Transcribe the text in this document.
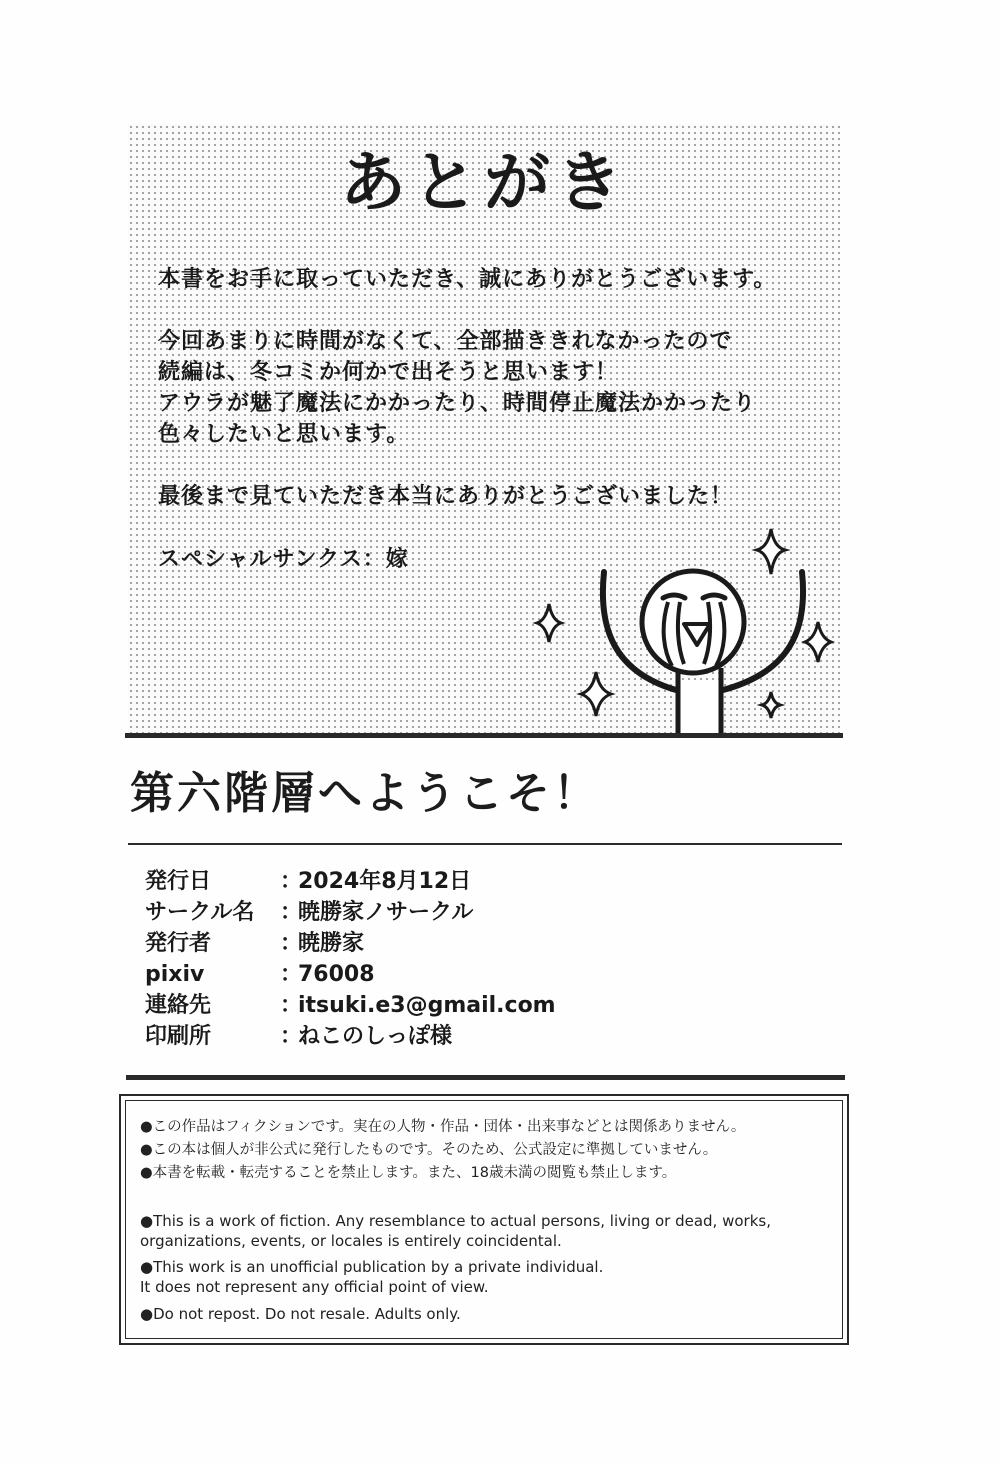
あとがき
本書をお手に取っていただき、誠にありがとうございます。
今回あまりに時間がなくて、全部描ききれなかったので
続編は、冬コミか何かで出そうと思います！
アウラが魅了魔法にかかったり、時間停止魔法かかったり
色々したいと思います。
最後まで見ていただき本当にありがとうございました！
スペシャルサンクス：嫁
第六階層へようこそ！
発行日	：
2024年8月12日
サークル名 ：
暁勝家ノサークル
発行者	：
暁勝家
pixiv	：
76008
連絡先	：
itsuki.e3@gmail.com
印刷所	：
ねこのしっぽ様
●この作品はフィクションです。実在の人物・作品・団体・出来事などとは関係ありません。
●この本は個人が非公式に発行したものです。そのため、公式設定に準拠していません。
●本書を転載・転売することを禁止します。また、18歳未満の閲覧も禁止します。
●This is a work of fiction. Any resemblance to actual persons, living or dead, works,
organizations, events, or locales is entirely coincidental.
●This work is an unofficial publication by a private individual.
It does not represent any official point of view.
●Do not repost. Do not resale. Adults only.
